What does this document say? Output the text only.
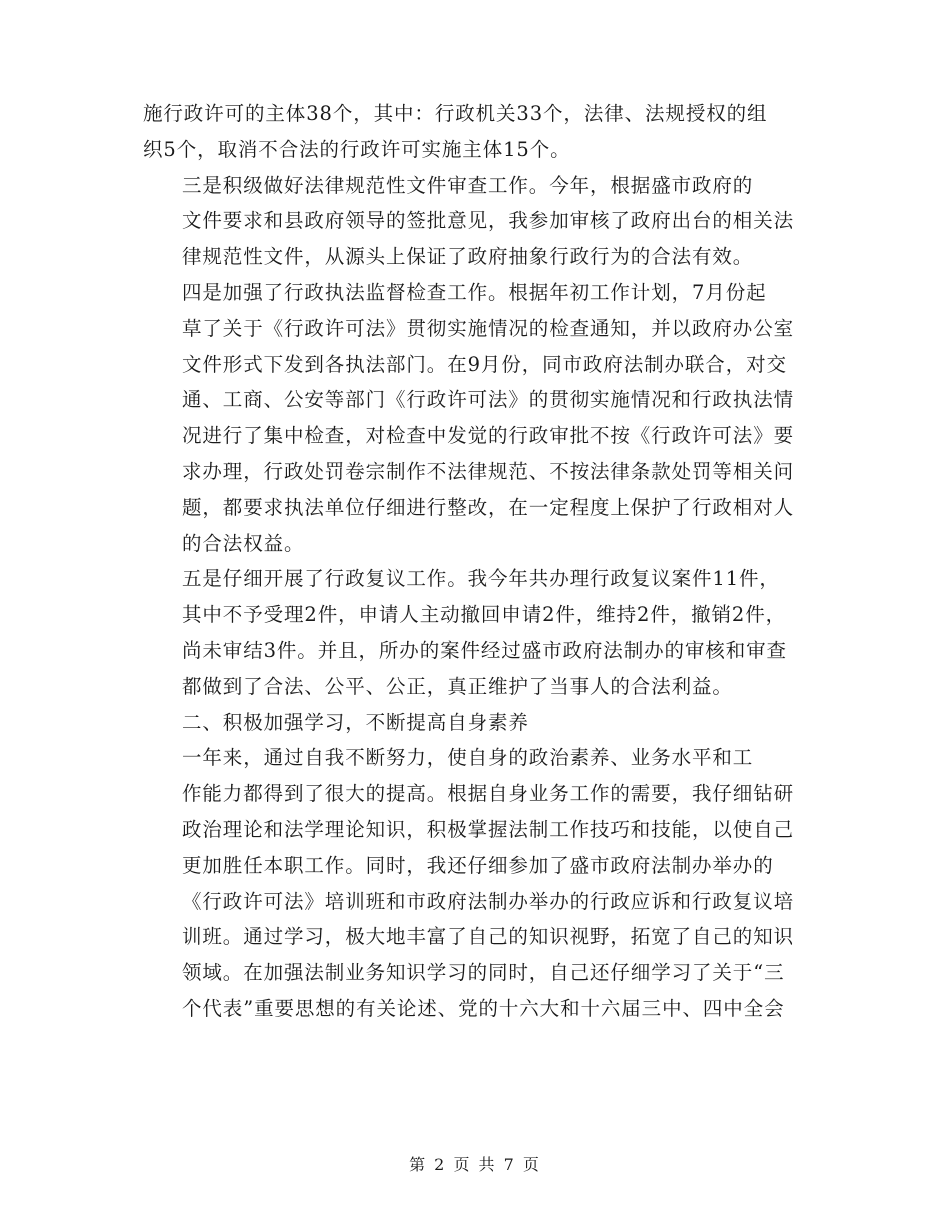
施行政许可的主体38个，其中：行政机关33个，法律、法规授权的组
织5个，取消不合法的行政许可实施主体15个。

三是积级做好法律规范性文件审查工作。今年，根据盛市政府的
文件要求和县政府领导的签批意见，我参加审核了政府出台的相关法
律规范性文件，从源头上保证了政府抽象行政行为的合法有效。

四是加强了行政执法监督检查工作。根据年初工作计划，7月份起
草了关于《行政许可法》贯彻实施情况的检查通知，并以政府办公室
文件形式下发到各执法部门。在9月份，同市政府法制办联合，对交
通、工商、公安等部门《行政许可法》的贯彻实施情况和行政执法情
况进行了集中检查，对检查中发觉的行政审批不按《行政许可法》要
求办理，行政处罚卷宗制作不法律规范、不按法律条款处罚等相关问
题，都要求执法单位仔细进行整改，在一定程度上保护了行政相对人
的合法权益。

五是仔细开展了行政复议工作。我今年共办理行政复议案件11件，
其中不予受理2件，申请人主动撤回申请2件，维持2件，撤销2件，
尚未审结3件。并且，所办的案件经过盛市政府法制办的审核和审查
都做到了合法、公平、公正，真正维护了当事人的合法利益。

二、积极加强学习，不断提高自身素养

一年来，通过自我不断努力，使自身的政治素养、业务水平和工
作能力都得到了很大的提高。根据自身业务工作的需要，我仔细钻研
政治理论和法学理论知识，积极掌握法制工作技巧和技能，以使自己
更加胜任本职工作。同时，我还仔细参加了盛市政府法制办举办的
《行政许可法》培训班和市政府法制办举办的行政应诉和行政复议培
训班。通过学习，极大地丰富了自己的知识视野，拓宽了自己的知识
领域。在加强法制业务知识学习的同时，自己还仔细学习了关于“三
个代表”重要思想的有关论述、党的十六大和十六届三中、四中全会

第 2 页 共 7 页
